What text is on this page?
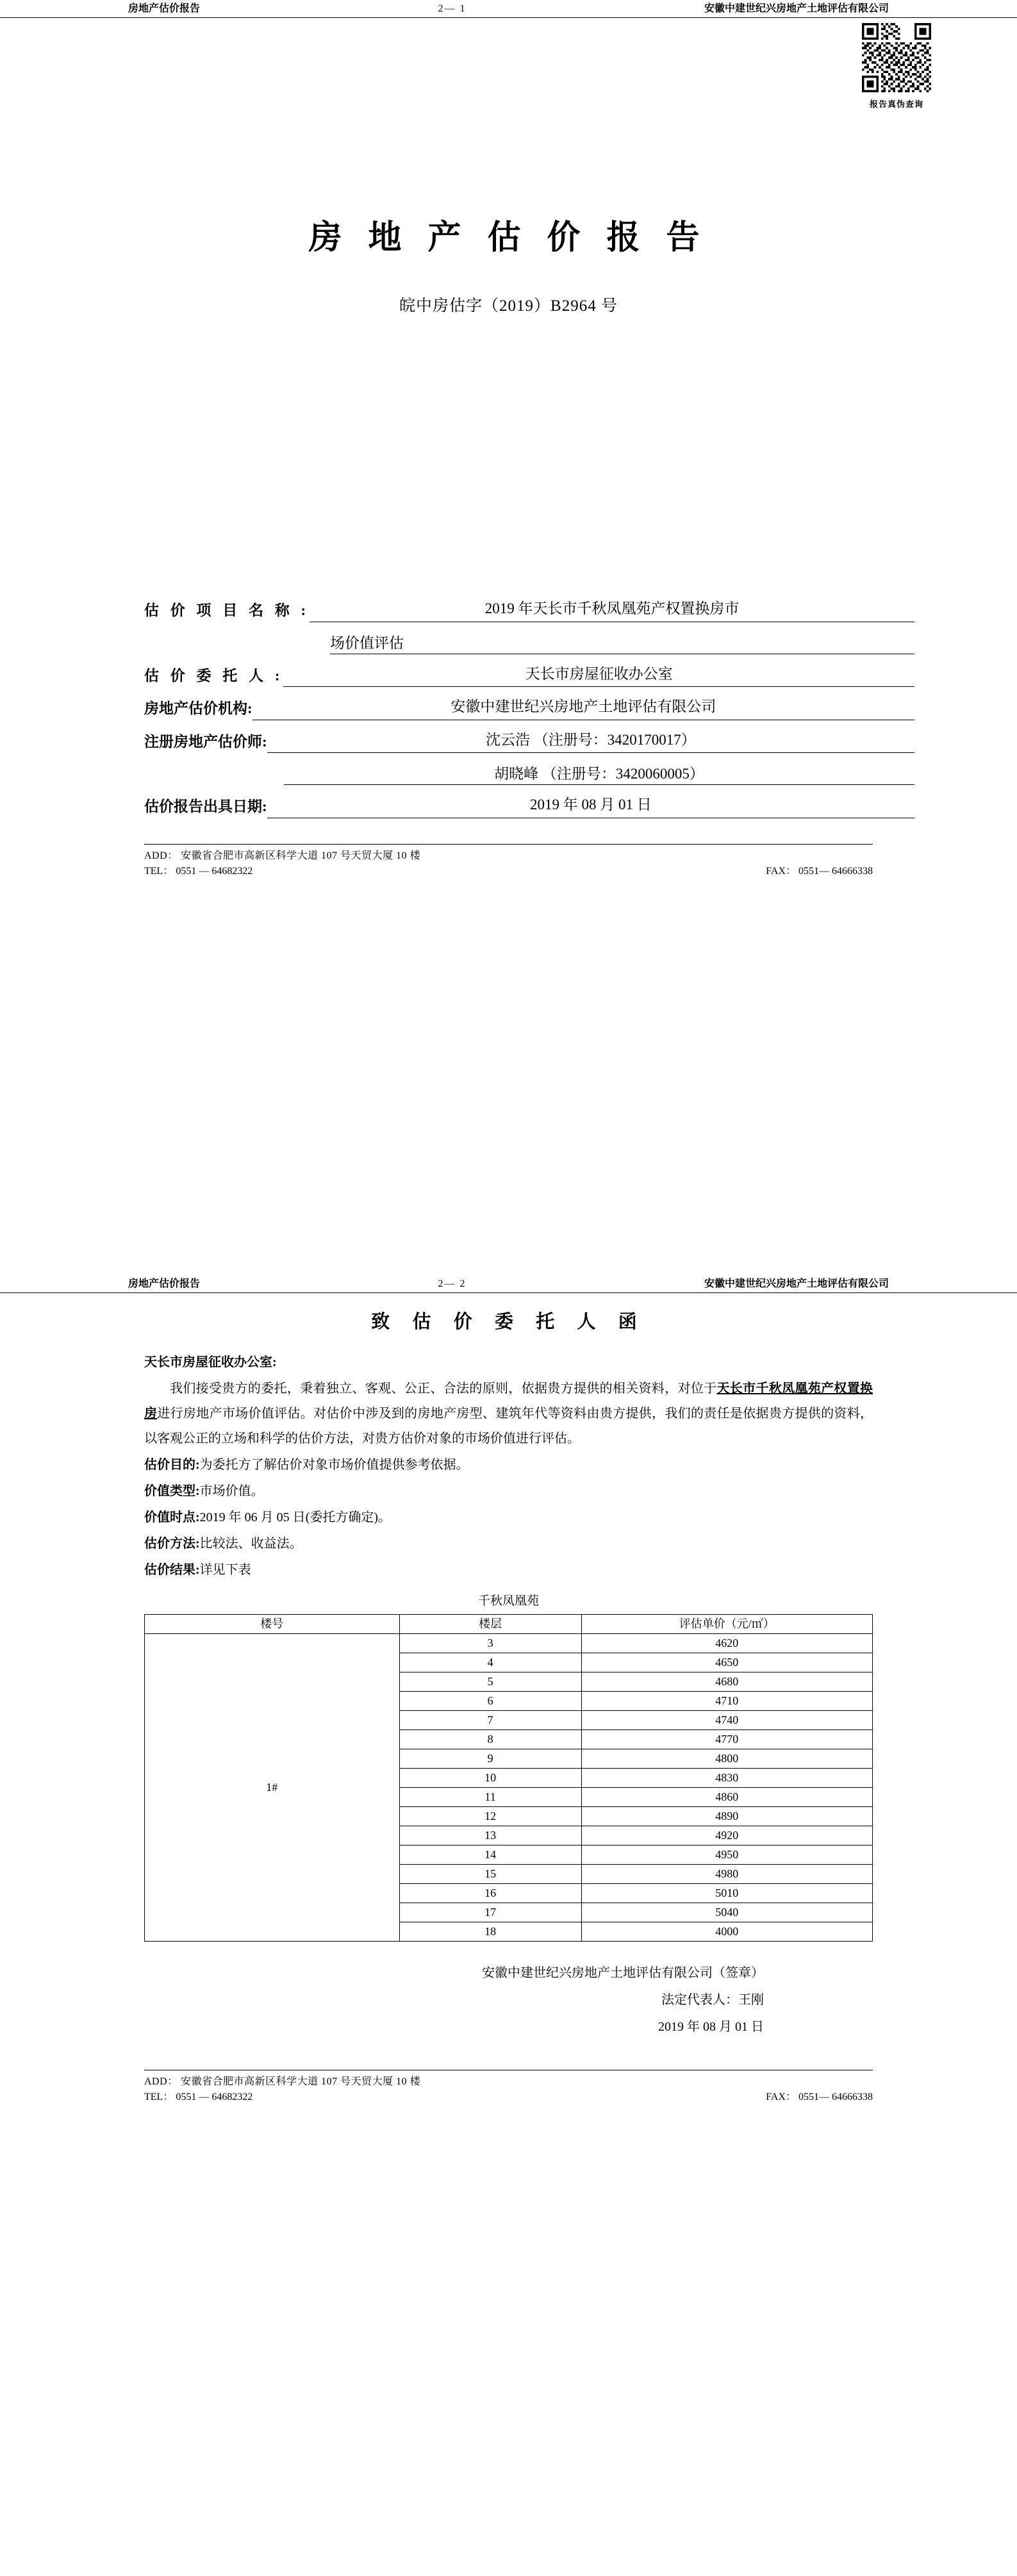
房地产估价报告	2— 1	安徽中建世纪兴房地产土地评估有限公司
报告真伪查询
房 地 产 估 价 报 告
皖中房估字（2019）B2964 号
估 价 项 目 名 称 :	2019 年天长市千秋凤凰苑产权置换房市
场价值评估
估 价 委 托 人 :	天长市房屋征收办公室
房地产估价机构:	安徽中建世纪兴房地产土地评估有限公司
注册房地产估价师:	沈云浩 （注册号：3420170017）
胡晓峰 （注册号：3420060005）
估价报告出具日期:	2019 年 08 月 01 日
ADD： 安徽省合肥市高新区科学大道 107 号天贸大厦 10 楼
TEL： 0551 — 64682322	FAX： 0551— 64666338
房地产估价报告	2— 2	安徽中建世纪兴房地产土地评估有限公司
致 估 价 委 托 人 函
天长市房屋征收办公室:

我们接受贵方的委托，秉着独立、客观、公正、合法的原则，依据贵方提供的相关资料，对位于天长市千秋凤凰苑产权置换房进行房地产市场价值评估。对估价中涉及到的房地产房型、建筑年代等资料由贵方提供，我们的责任是依据贵方提供的资料，以客观公正的立场和科学的估价方法，对贵方估价对象的市场价值进行评估。

估价目的:为委托方了解估价对象市场价值提供参考依据。

价值类型:市场价值。

价值时点:2019 年 06 月 05 日(委托方确定)。

估价方法:比较法、收益法。

估价结果:详见下表

千秋凤凰苑
楼号	楼层	评估单价（元/㎡）
1#	3	4620
	4	4650
	5	4680
	6	4710
	7	4740
	8	4770
	9	4800
	10	4830
	11	4860
	12	4890
	13	4920
	14	4950
	15	4980
	16	5010
	17	5040
	18	4000
安徽中建世纪兴房地产土地评估有限公司（签章）
法定代表人：王刚
2019 年 08 月 01 日
ADD： 安徽省合肥市高新区科学大道 107 号天贸大厦 10 楼
TEL： 0551 — 64682322	FAX： 0551— 64666338
